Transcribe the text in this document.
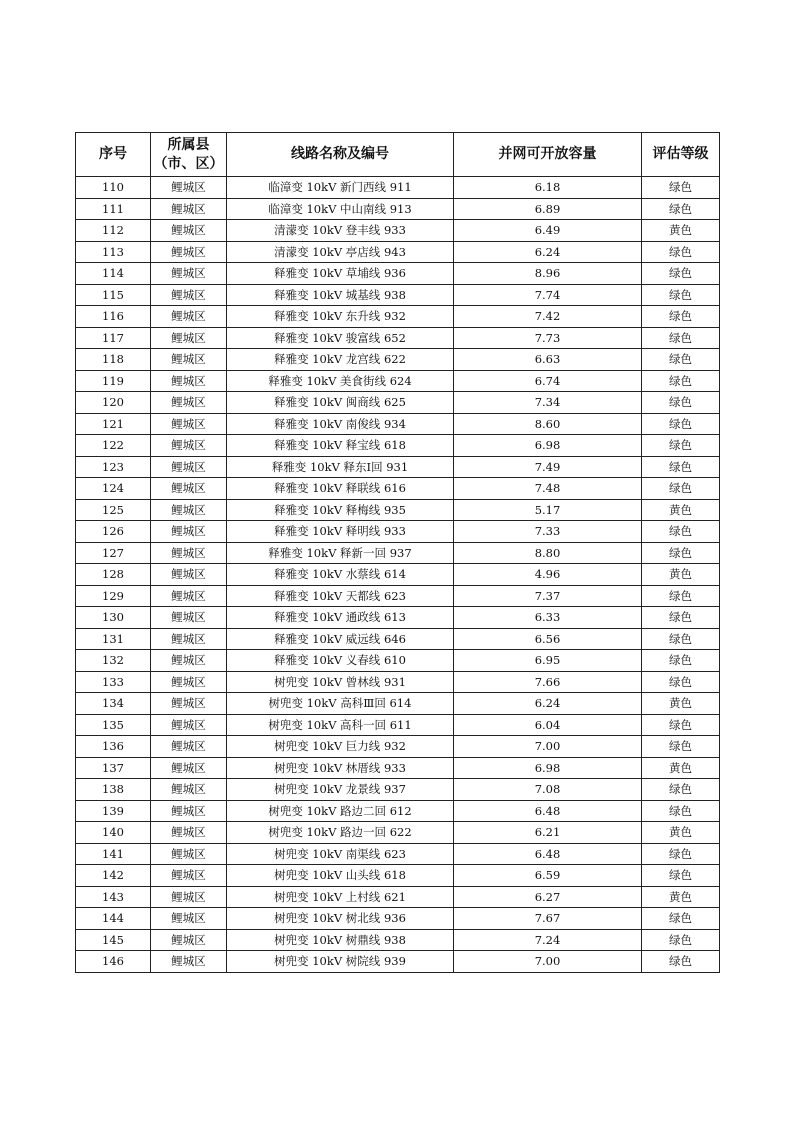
序号	所属县
（市、区）	线路名称及编号	并网可开放容量	评估等级
110	鲤城区	临漳变 10kV 新门西线 911	6.18	绿色
111	鲤城区	临漳变 10kV 中山南线 913	6.89	绿色
112	鲤城区	清濛变 10kV 登丰线 933	6.49	黄色
113	鲤城区	清濛变 10kV 亭店线 943	6.24	绿色
114	鲤城区	释雅变 10kV 草埔线 936	8.96	绿色
115	鲤城区	释雅变 10kV 城基线 938	7.74	绿色
116	鲤城区	释雅变 10kV 东升线 932	7.42	绿色
117	鲤城区	释雅变 10kV 骏富线 652	7.73	绿色
118	鲤城区	释雅变 10kV 龙宫线 622	6.63	绿色
119	鲤城区	释雅变 10kV 美食街线 624	6.74	绿色
120	鲤城区	释雅变 10kV 闽商线 625	7.34	绿色
121	鲤城区	释雅变 10kV 南俊线 934	8.60	绿色
122	鲤城区	释雅变 10kV 释宝线 618	6.98	绿色
123	鲤城区	释雅变 10kV 释东Ⅰ回 931	7.49	绿色
124	鲤城区	释雅变 10kV 释联线 616	7.48	绿色
125	鲤城区	释雅变 10kV 释梅线 935	5.17	黄色
126	鲤城区	释雅变 10kV 释明线 933	7.33	绿色
127	鲤城区	释雅变 10kV 释新一回 937	8.80	绿色
128	鲤城区	释雅变 10kV 水蔡线 614	4.96	黄色
129	鲤城区	释雅变 10kV 天都线 623	7.37	绿色
130	鲤城区	释雅变 10kV 通政线 613	6.33	绿色
131	鲤城区	释雅变 10kV 威远线 646	6.56	绿色
132	鲤城区	释雅变 10kV 义春线 610	6.95	绿色
133	鲤城区	树兜变 10kV 曾林线 931	7.66	绿色
134	鲤城区	树兜变 10kV 高科Ⅲ回 614	6.24	黄色
135	鲤城区	树兜变 10kV 高科一回 611	6.04	绿色
136	鲤城区	树兜变 10kV 巨力线 932	7.00	绿色
137	鲤城区	树兜变 10kV 林厝线 933	6.98	黄色
138	鲤城区	树兜变 10kV 龙景线 937	7.08	绿色
139	鲤城区	树兜变 10kV 路边二回 612	6.48	绿色
140	鲤城区	树兜变 10kV 路边一回 622	6.21	黄色
141	鲤城区	树兜变 10kV 南渠线 623	6.48	绿色
142	鲤城区	树兜变 10kV 山头线 618	6.59	绿色
143	鲤城区	树兜变 10kV 上村线 621	6.27	黄色
144	鲤城区	树兜变 10kV 树北线 936	7.67	绿色
145	鲤城区	树兜变 10kV 树鼎线 938	7.24	绿色
146	鲤城区	树兜变 10kV 树院线 939	7.00	绿色
